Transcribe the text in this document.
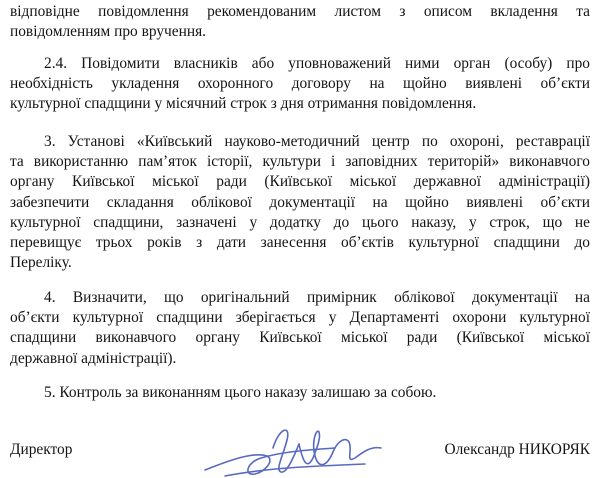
відповідне повідомлення рекомендованим листом з описом вкладення та
повідомленням про вручення.

2.4. Повідомити власників або уповноважений ними орган (особу) про
необхідність укладення охоронного договору на щойно виявлені об’єкти
культурної спадщини у місячний строк з дня отримання повідомлення.

3. Установі «Київський науково-методичний центр по охороні, реставрації
та використанню пам’яток історії, культури і заповідних територій» виконавчого
органу Київської міської ради (Київської міської державної адміністрації)
забезпечити складання облікової документації на щойно виявлені об’єкти
культурної спадщини, зазначені у додатку до цього наказу, у строк, що не
перевищує трьох років з дати занесення об’єктів культурної спадщини до
Переліку.

4. Визначити, що оригінальний примірник облікової документації на
об’єкти культурної спадщини зберігається у Департаменті охорони культурної
спадщини виконавчого органу Київської міської ради (Київської міської
державної адміністрації).

5. Контроль за виконанням цього наказу залишаю за собою.

Директор	Олександр НИКОРЯК
